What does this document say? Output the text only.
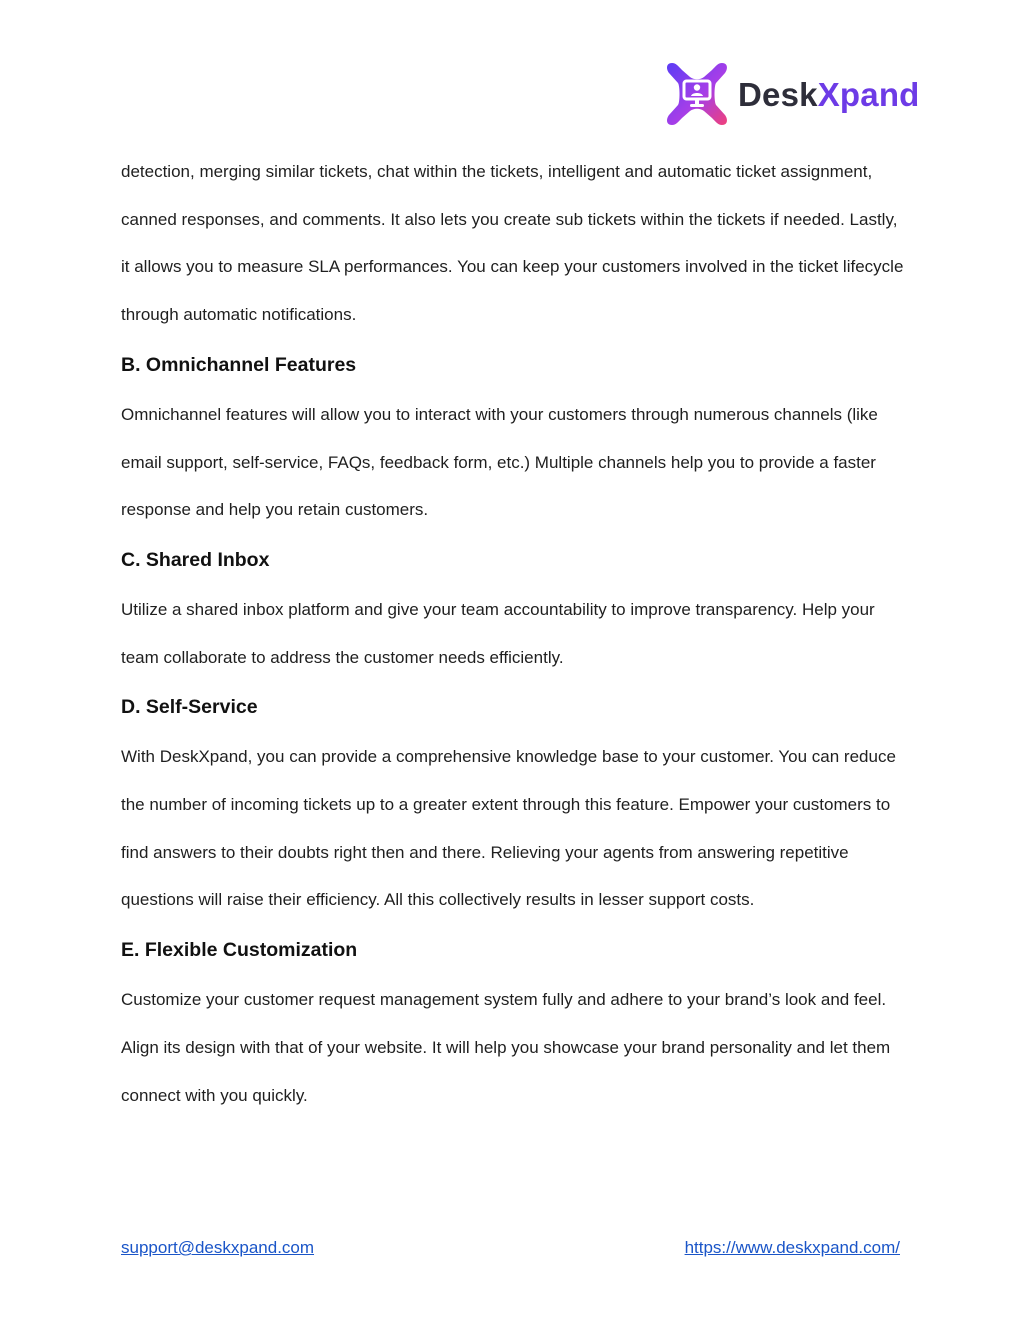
DeskXpand

detection, merging similar tickets, chat within the tickets, intelligent and automatic ticket assignment, canned responses, and comments. It also lets you create sub tickets within the tickets if needed. Lastly, it allows you to measure SLA performances. You can keep your customers involved in the ticket lifecycle through automatic notifications.

B. Omnichannel Features

Omnichannel features will allow you to interact with your customers through numerous channels (like email support, self-service, FAQs, feedback form, etc.) Multiple channels help you to provide a faster response and help you retain customers.

C. Shared Inbox

Utilize a shared inbox platform and give your team accountability to improve transparency. Help your team collaborate to address the customer needs efficiently.

D. Self-Service

With DeskXpand, you can provide a comprehensive knowledge base to your customer. You can reduce the number of incoming tickets up to a greater extent through this feature. Empower your customers to find answers to their doubts right then and there. Relieving your agents from answering repetitive questions will raise their efficiency. All this collectively results in lesser support costs.

E. Flexible Customization

Customize your customer request management system fully and adhere to your brand’s look and feel. Align its design with that of your website. It will help you showcase your brand personality and let them connect with you quickly.

support@deskxpand.com	https://www.deskxpand.com/
